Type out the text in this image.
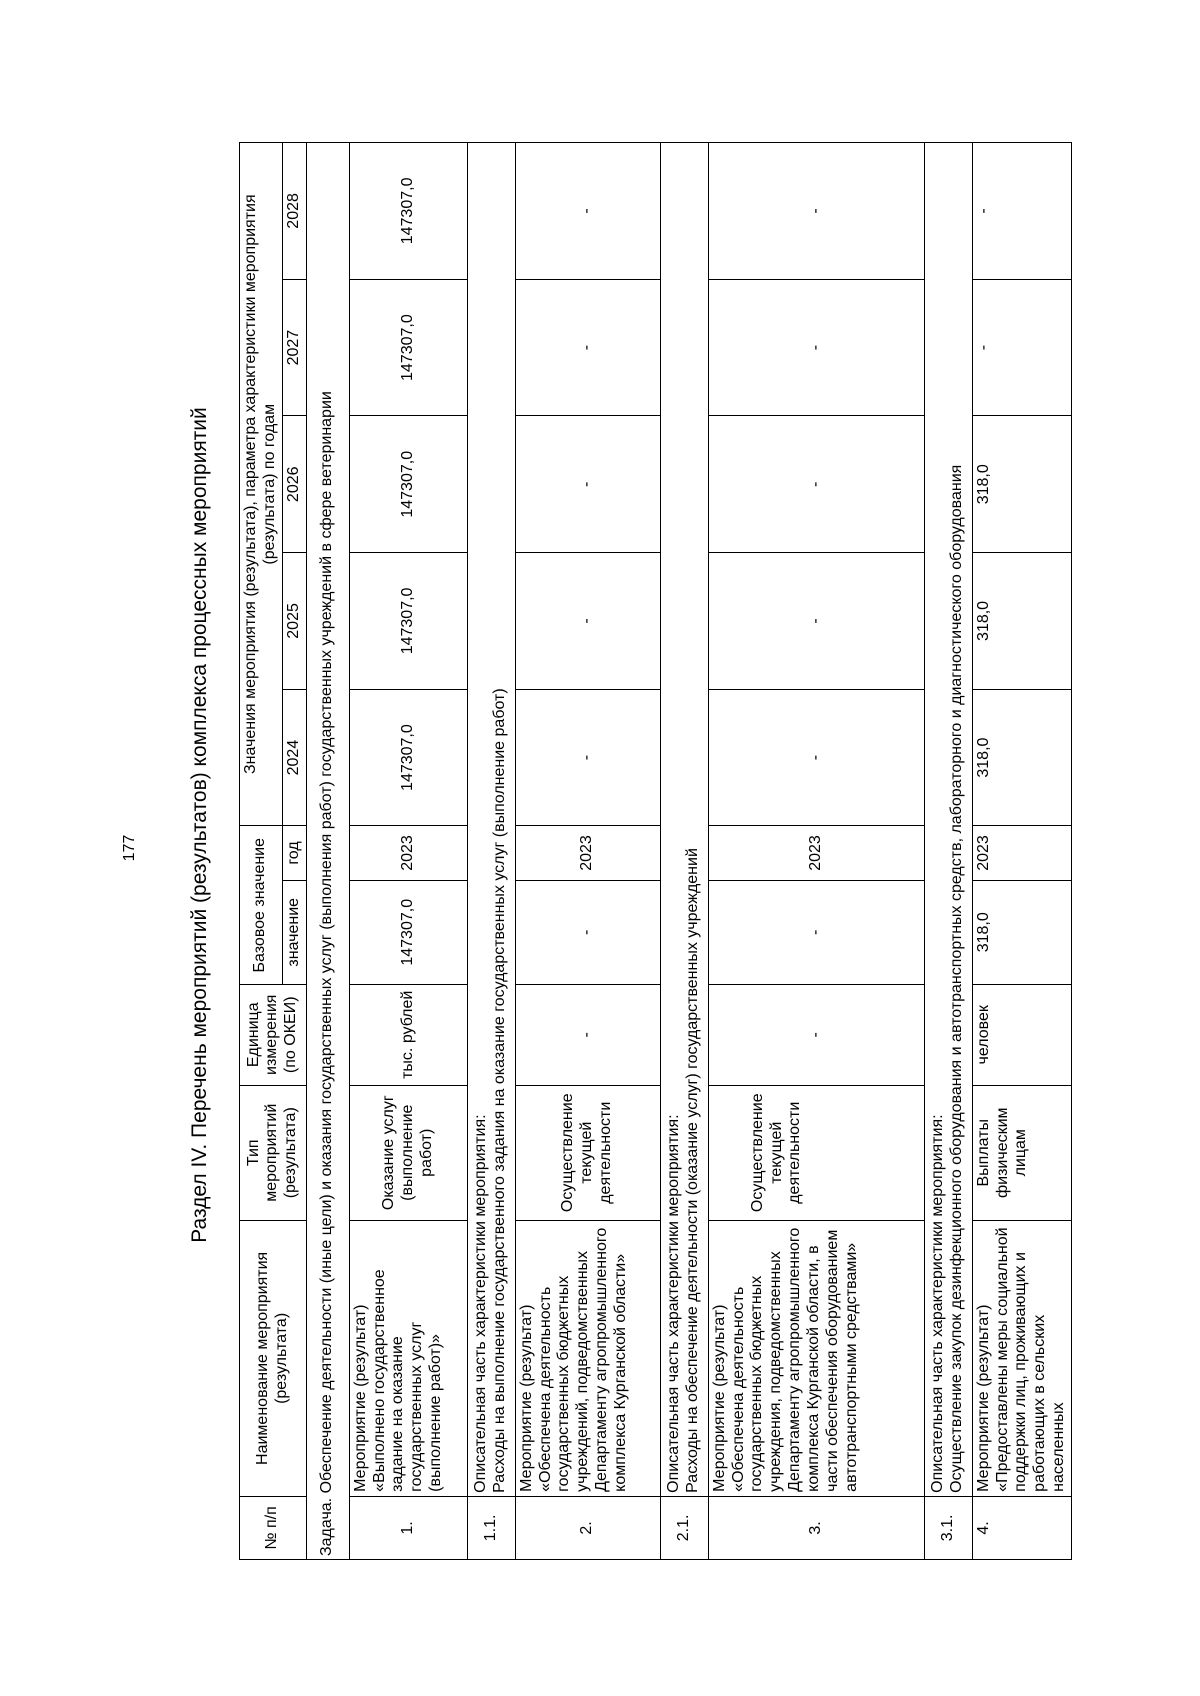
177 Раздел IV. Перечень мероприятий (результатов) комплекса процессных мероприятий
№ п/п	Наименование мероприятия (результата)	Тип мероприятий (результата)	Единица измерения (по ОКЕИ)	Базовое значение		Значения мероприятия (результата), параметра характеристики мероприятия (результата) по годам				
				значение	год	2024	2025	2026	2027	2028
Задача. Обеспечение деятельности (иные цели) и оказания государственных услуг (выполнения работ) государственных учреждений в сфере ветеринарии										
1.	Мероприятие (результат) «Выполнено государственное задание на оказание государственных услуг (выполнение работ)»	Оказание услуг (выполнение работ)	тыс. рублей	147307,0	2023	147307,0	147307,0	147307,0	147307,0	147307,0
1.1.	Описательная часть характеристики мероприятия: Расходы на выполнение государственного задания на оказание государственных услуг (выполнение работ)									

2.	Мероприятие (результат) «Обеспечена деятельность государственных бюджетных учреждений, подведомственных Департаменту агропромышленного комплекса Курганской области»	Осуществление текущей деятельности	-	-	2023	-	-	-	-	-
2.1.	Описательная часть характеристики мероприятия: Расходы на обеспечение деятельности (оказание услуг) государственных учреждений									

3.	Мероприятие (результат) «Обеспечена деятельность государственных бюджетных учреждения, подведомственных Департаменту агропромышленного комплекса Курганской области, в части обеспечения оборудованием автотранспортными средствами»	Осуществление текущей деятельности	-	-	2023	-	-	-	-	-
3.1.	Описательная часть характеристики мероприятия: Осуществление закупок дезинфекционного оборудования и автотранспортных средств, лабораторного и диагностического оборудования									

4.	Мероприятие (результат) «Предоставлены меры социальной поддержки лиц, проживающих и работающих в сельских населенных	Выплаты физическим лицам	человек	318,0	2023	318,0	318,0	318,0	-	-
